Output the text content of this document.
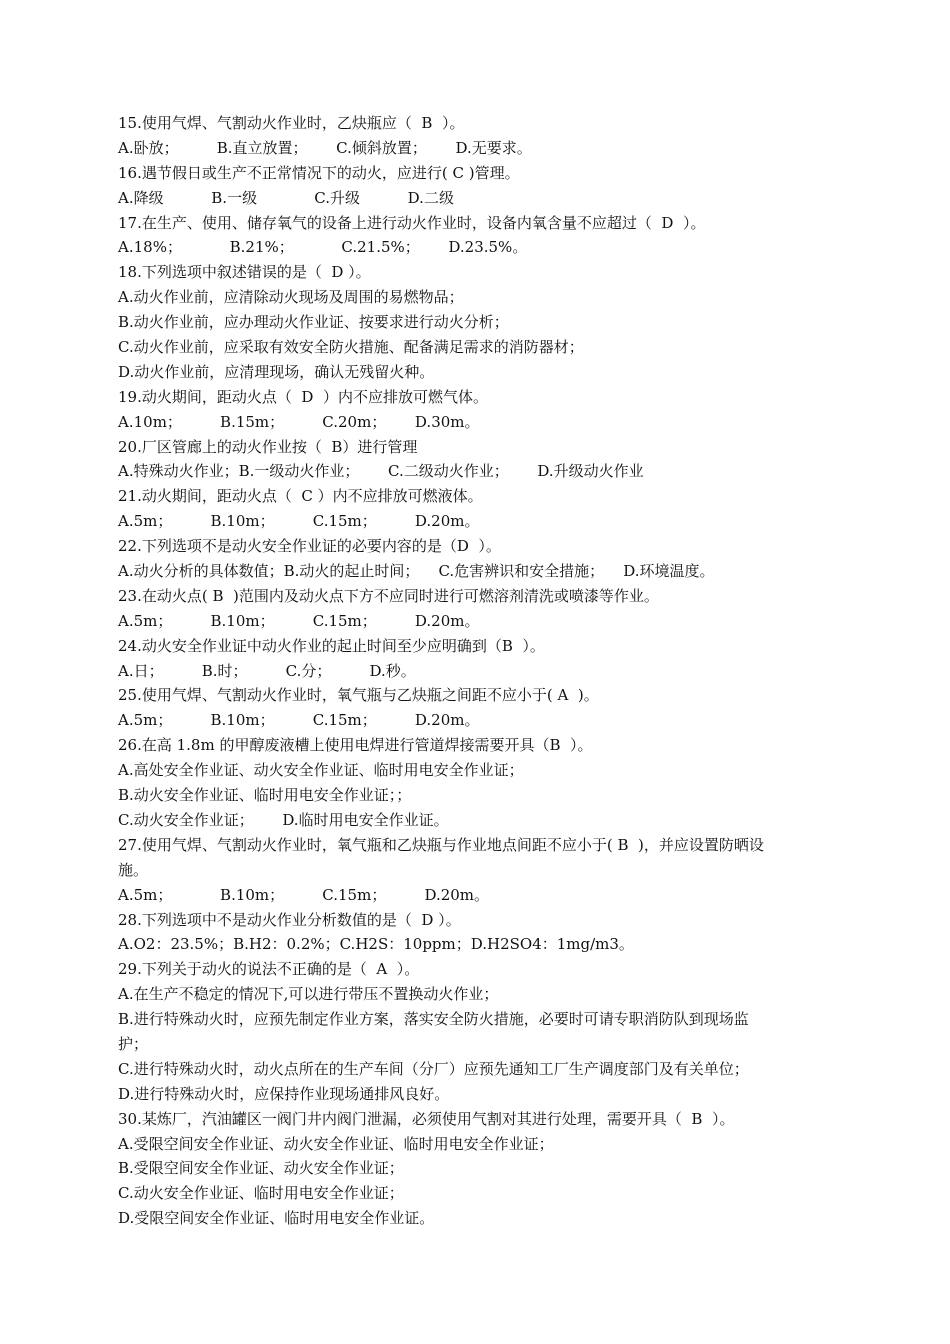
15.使用气焊、气割动火作业时，乙炔瓶应（  B  ）。

A.卧放；        B.直立放置；      C.倾斜放置；      D.无要求。

16.遇节假日或生产不正常情况下的动火，应进行( C )管理。

A.降级          B.一级            C.升级          D.二级

17.在生产、使用、储存氧气的设备上进行动火作业时，设备内氧含量不应超过（  D  ）。

A.18%；          B.21%；          C.21.5%；      D.23.5%。

18.下列选项中叙述错误的是（  D ）。

A.动火作业前，应清除动火现场及周围的易燃物品；

B.动火作业前，应办理动火作业证、按要求进行动火分析；

C.动火作业前，应采取有效安全防火措施、配备满足需求的消防器材；

D.动火作业前，应清理现场，确认无残留火种。

19.动火期间，距动火点（  D  ）内不应排放可燃气体。

A.10m；        B.15m；        C.20m；      D.30m。

20.厂区管廊上的动火作业按（  B）进行管理

A.特殊动火作业；B.一级动火作业；      C.二级动火作业；      D.升级动火作业

21.动火期间，距动火点（  C ）内不应排放可燃液体。

A.5m；        B.10m；        C.15m；        D.20m。

22.下列选项不是动火安全作业证的必要内容的是（D  ）。

A.动火分析的具体数值；B.动火的起止时间；    C.危害辨识和安全措施；    D.环境温度。

23.在动火点( B  )范围内及动火点下方不应同时进行可燃溶剂清洗或喷漆等作业。

A.5m；        B.10m；        C.15m；        D.20m。

24.动火安全作业证中动火作业的起止时间至少应明确到（B  ）。

A.日；        B.时；        C.分；        D.秒。

25.使用气焊、气割动火作业时，氧气瓶与乙炔瓶之间距不应小于( A  )。

A.5m；        B.10m；        C.15m；        D.20m。

26.在高 1.8m 的甲醇废液槽上使用电焊进行管道焊接需要开具（B  ）。

A.高处安全作业证、动火安全作业证、临时用电安全作业证；

B.动火安全作业证、临时用电安全作业证；；

C.动火安全作业证；      D.临时用电安全作业证。

27.使用气焊、气割动火作业时，氧气瓶和乙炔瓶与作业地点间距不应小于( B  )，并应设置防晒设

施。

A.5m；          B.10m；        C.15m；        D.20m。

28.下列选项中不是动火作业分析数值的是（  D ）。

A.O2：23.5%；B.H2：0.2%；C.H2S：10ppm；D.H2SO4：1mg/m3。

29.下列关于动火的说法不正确的是（  A  ）。

A.在生产不稳定的情况下,可以进行带压不置换动火作业；

B.进行特殊动火时，应预先制定作业方案，落实安全防火措施，必要时可请专职消防队到现场监

护；

C.进行特殊动火时，动火点所在的生产车间（分厂）应预先通知工厂生产调度部门及有关单位；

D.进行特殊动火时，应保持作业现场通排风良好。

30.某炼厂，汽油罐区一阀门井内阀门泄漏，必须使用气割对其进行处理，需要开具（  B  ）。

A.受限空间安全作业证、动火安全作业证、临时用电安全作业证；

B.受限空间安全作业证、动火安全作业证；

C.动火安全作业证、临时用电安全作业证；

D.受限空间安全作业证、临时用电安全作业证。
